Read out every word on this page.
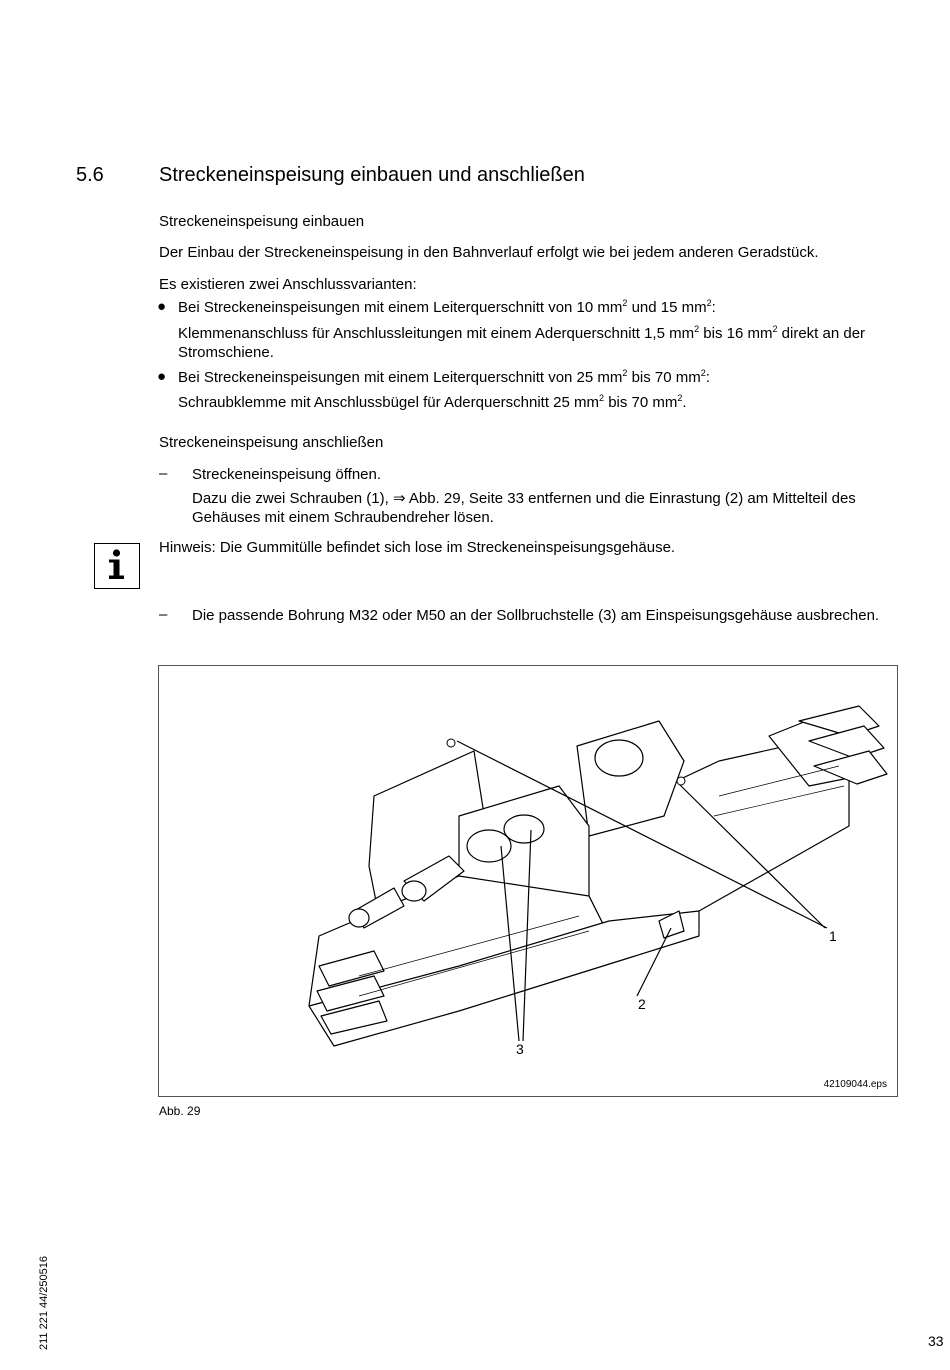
5.6	Streckeneinspeisung einbauen und anschließen
Streckeneinspeisung einbauen
Der Einbau der Streckeneinspeisung in den Bahnverlauf erfolgt wie bei jedem anderen Geradstück.
Es existieren zwei Anschlussvarianten:
● Bei Streckeneinspeisungen mit einem Leiterquerschnitt von 10 $mm^2$ und 15 $mm^2$:
Klemmenanschluss für Anschlussleitungen mit einem Aderquerschnitt 1,5 $mm^2$ bis 16 $mm^2$ direkt an der Stromschiene.
● Bei Streckeneinspeisungen mit einem Leiterquerschnitt von 25 $mm^2$ bis 70 $mm^2$:
Schraubklemme mit Anschlussbügel für Aderquerschnitt 25 $mm^2$ bis 70 $mm^2$.
Streckeneinspeisung anschließen
– Streckeneinspeisung öffnen.
Dazu die zwei Schrauben (1), ⇒ Abb. 29, Seite 33 entfernen und die Einrastung (2) am Mittelteil des Gehäuses mit einem Schraubendreher lösen.
Hinweis: Die Gummitülle befindet sich lose im Streckeneinspeisungsgehäuse.
– Die passende Bohrung M32 oder M50 an der Sollbruchstelle (3) am Einspeisungsgehäuse ausbrechen.
1
2
3
42109044.eps
Abb. 29
211 221 44/250516	33
